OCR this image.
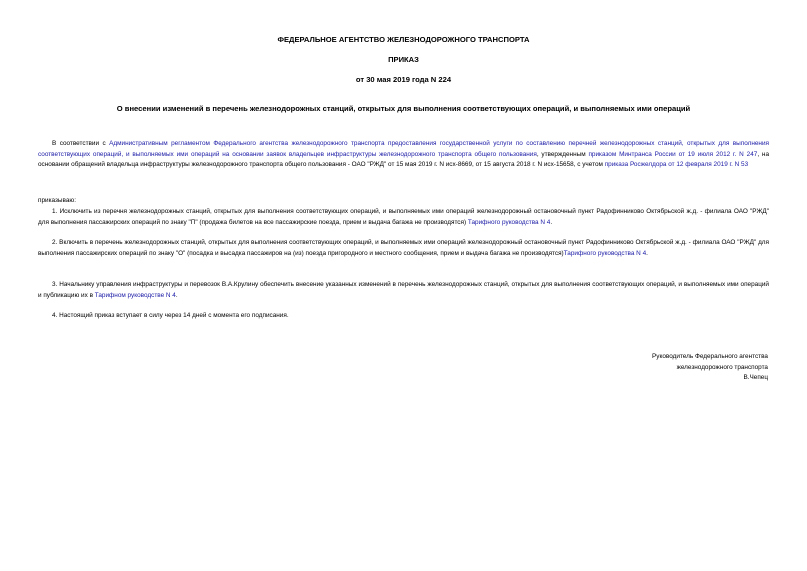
ФЕДЕРАЛЬНОЕ АГЕНТСТВО ЖЕЛЕЗНОДОРОЖНОГО ТРАНСПОРТА
ПРИКАЗ
от 30 мая 2019 года N 224
О внесении изменений в перечень железнодорожных станций, открытых для выполнения соответствующих операций, и выполняемых ими операций

В соответствии с Административным регламентом Федерального агентства железнодорожного транспорта предоставления государственной услуги по составлению перечней железнодорожных станций, открытых для выполнения соответствующих операций, и выполняемых ими операций на основании заявок владельцев инфраструктуры железнодорожного транспорта общего пользования, утвержденным приказом Минтранса России от 19 июля 2012 г. N 247, на основании обращений владельца инфраструктуры железнодорожного транспорта общего пользования - ОАО "РЖД" от 15 мая 2019 г. N исх-8669, от 15 августа 2018 г. N исх-15658, с учетом приказа Росжелдора от 12 февраля 2019 г. N 53

приказываю:

1. Исключить из перечня железнодорожных станций, открытых для выполнения соответствующих операций, и выполняемых ими операций железнодорожный остановочный пункт Радофинниково Октябрьской ж.д. - филиала ОАО "РЖД" для выполнения пассажирских операций по знаку "П" (продажа билетов на все пассажирские поезда, прием и выдача багажа не производятся) Тарифного руководства N 4.

2. Включить в перечень железнодорожных станций, открытых для выполнения соответствующих операций, и выполняемых ими операций железнодорожный остановочный пункт Радофинниково Октябрьской ж.д. - филиала ОАО "РЖД" для выполнения пассажирских операций по знаку "О" (посадка и высадка пассажиров на (из) поезда пригородного и местного сообщения, прием и выдача багажа не производятся)Тарифного руководства N 4.

3. Начальнику управления инфраструктуры и перевозок В.А.Крулину обеспечить внесение указанных изменений в перечень железнодорожных станций, открытых для выполнения соответствующих операций, и выполняемых ими операций и публикацию их в Тарифном руководстве N 4.

4. Настоящий приказ вступает в силу через 14 дней с момента его подписания.

Руководитель Федерального агентства
железнодорожного транспорта
В.Чепец
